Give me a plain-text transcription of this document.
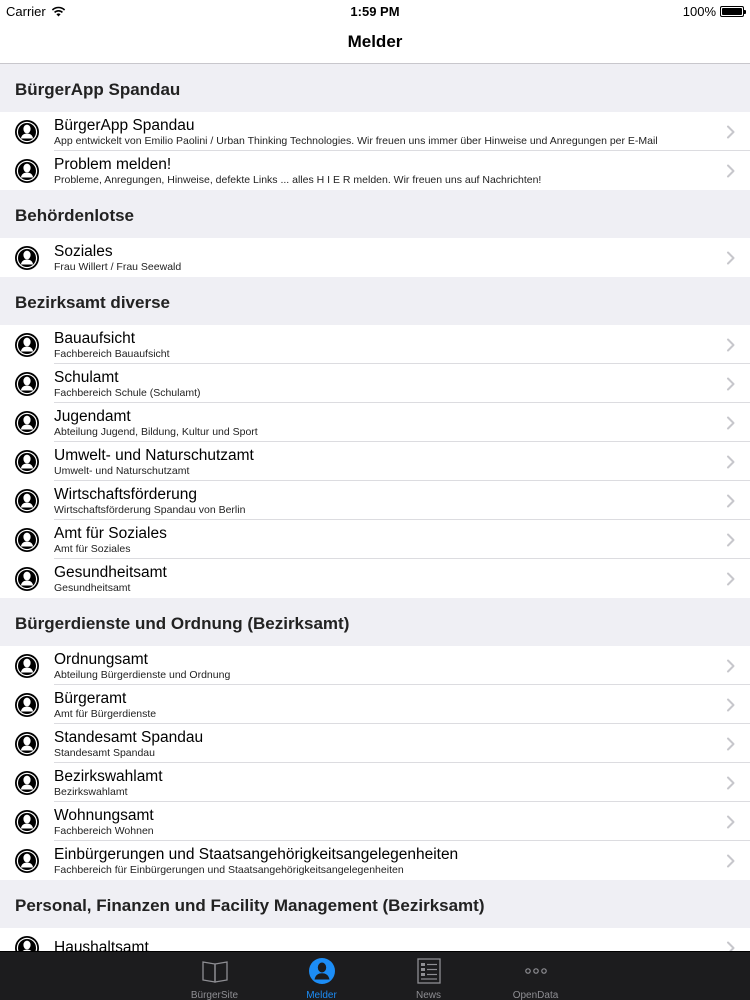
Carrier	1:59 PM	100%
Melder
BürgerApp Spandau
BürgerApp Spandau
App entwickelt von Emilio Paolini / Urban Thinking Technologies. Wir freuen uns immer über Hinweise und Anregungen per E-Mail
Problem melden!
Probleme, Anregungen, Hinweise, defekte Links ... alles H I E R melden. Wir freuen uns auf Nachrichten!
Behördenlotse
Soziales
Frau Willert / Frau Seewald
Bezirksamt diverse
Bauaufsicht
Fachbereich Bauaufsicht
Schulamt
Fachbereich Schule (Schulamt)
Jugendamt
Abteilung Jugend, Bildung, Kultur und Sport
Umwelt- und Naturschutzamt
Umwelt- und Naturschutzamt
Wirtschaftsförderung
Wirtschaftsförderung Spandau von Berlin
Amt für Soziales
Amt für Soziales
Gesundheitsamt
Gesundheitsamt
Bürgerdienste und Ordnung (Bezirksamt)
Ordnungsamt
Abteilung Bürgerdienste und Ordnung
Bürgeramt
Amt für Bürgerdienste
Standesamt Spandau
Standesamt Spandau
Bezirkswahlamt
Bezirkswahlamt
Wohnungsamt
Fachbereich Wohnen
Einbürgerungen und Staatsangehörigkeitsangelegenheiten
Fachbereich für Einbürgerungen und Staatsangehörigkeitsangelegenheiten
Personal, Finanzen und Facility Management (Bezirksamt)
Haushaltsamt
BürgerSite	Melder	News	OpenData
